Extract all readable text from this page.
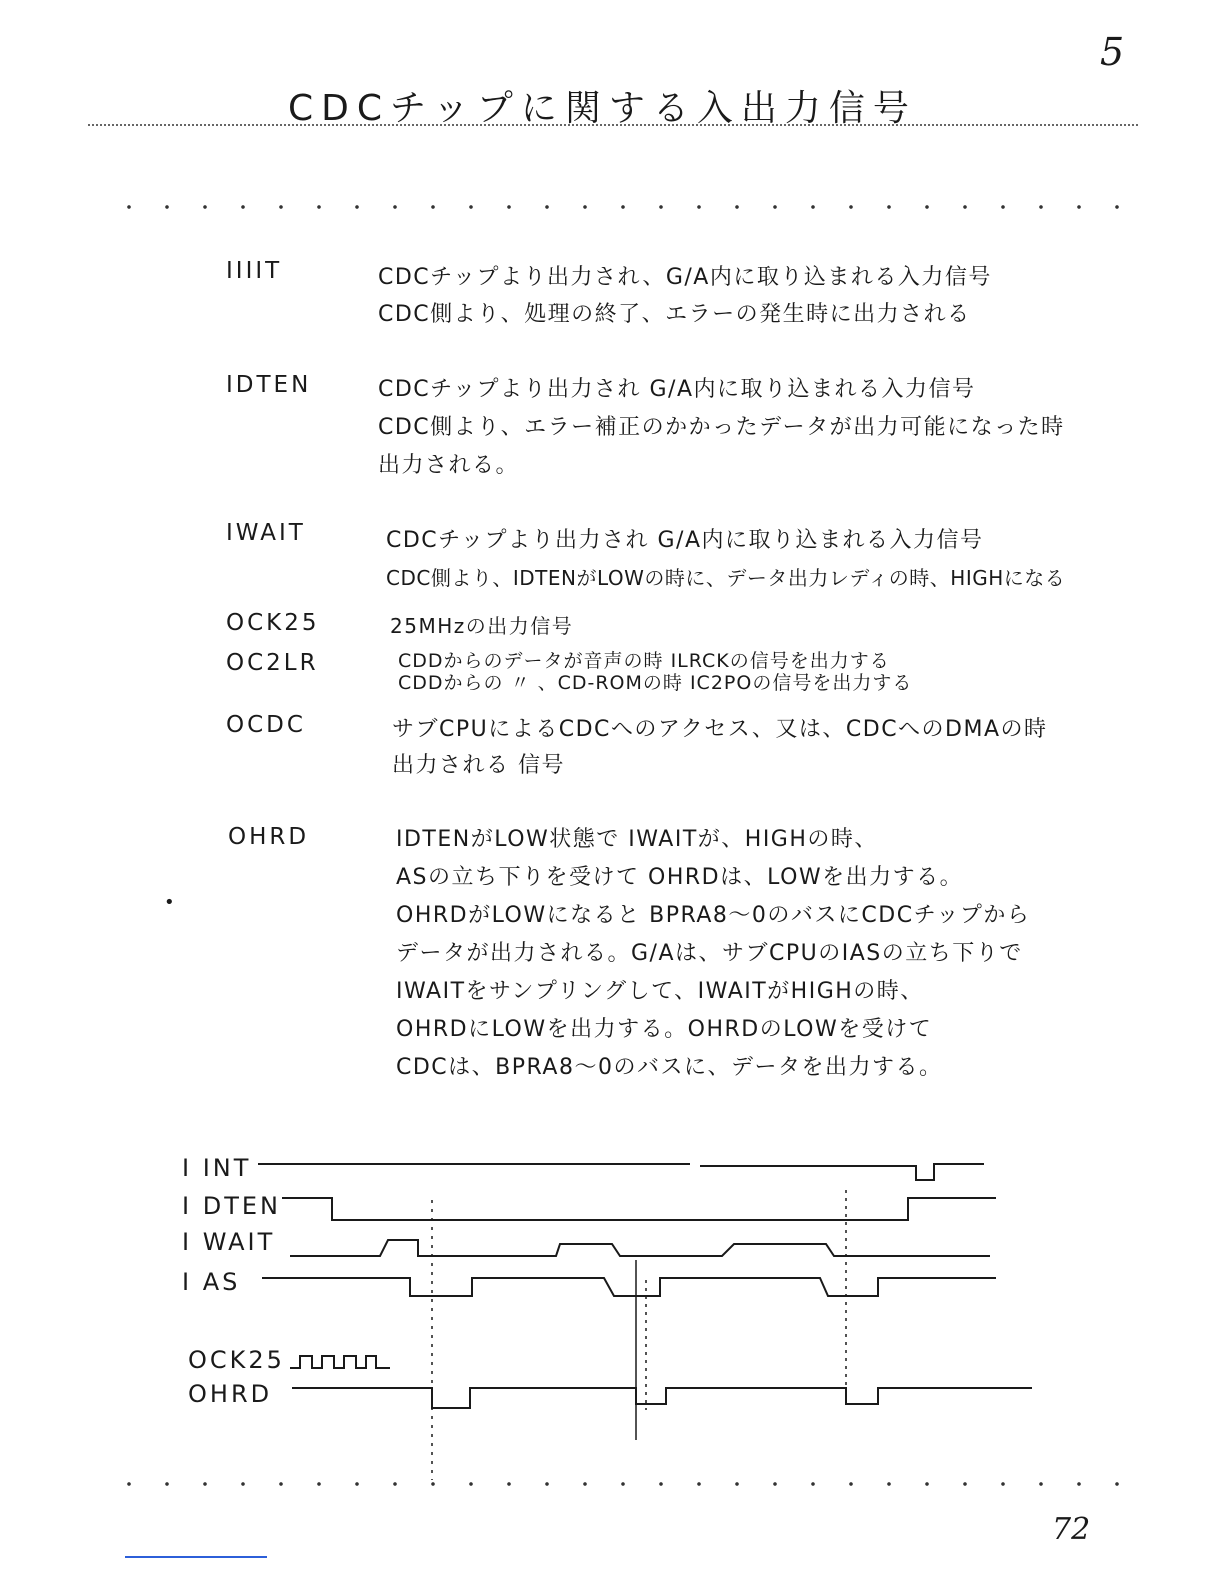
5
CDCチップに関する入出力信号
IIIIT	CDCチップより出力され、G/A内に取り込まれる入力信号
CDC側より、処理の終了、エラーの発生時に出力される
IDTEN	CDCチップより出力され G/A内に取り込まれる入力信号
CDC側より、エラー補正のかかったデータが出力可能になった時
出力される。
IWAIT	CDCチップより出力され G/A内に取り込まれる入力信号
CDC側より、IDTENがLOWの時に、データ出力レディの時、HIGHになる
OCK25	25MHzの出力信号
OC2LR	CDDからのデータが音声の時 ILRCKの信号を出力する
CDDからの 〃 、CD-ROMの時 IC2POの信号を出力する
OCDC	サブCPUによるCDCへのアクセス、又は、CDCへのDMAの時
出力される 信号
OHRD	IDTENがLOW状態で IWAITが、HIGHの時、
ASの立ち下りを受けて OHRDは、LOWを出力する。
OHRDがLOWになると BPRA8〜0のバスにCDCチップから
データが出力される。G/Aは、サブCPUのIASの立ち下りで
IWAITをサンプリングして、IWAITがHIGHの時、
OHRDにLOWを出力する。OHRDのLOWを受けて
CDCは、BPRA8〜0のバスに、データを出力する。
•
I INT
I DTEN
I WAIT
I AS
OCK25
OHRD
72
